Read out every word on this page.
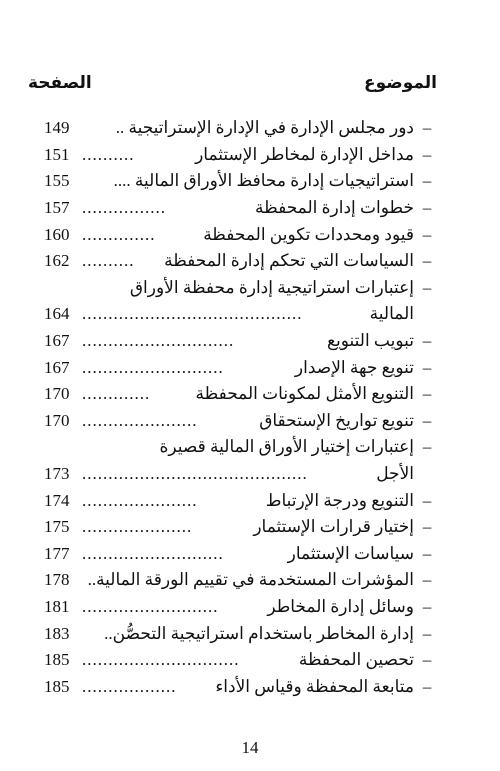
الصفحة	الموضوع
149	دور مجلس الإدارة في الإدارة الإستراتيجية .. –
151 ..........	مداخل الإدارة لمخاطر الإستثمار –
155	استراتيجيات إدارة محافظ الأوراق المالية .... –
157 ................	خطوات إدارة المحفظة –
160 ..............	قيود ومحددات تكوين المحفظة –
162 ..........	السياسات التي تحكم إدارة المحفظة –
إعتبارات استراتيجية إدارة محفظة الأوراق –
164 ..........................................	المالية
167 .............................	تبويب التنويع –
167 ...........................	تنويع جهة الإصدار –
170 .............	التنويع الأمثل لمكونات المحفظة –
170 ......................	تنويع تواريخ الإستحقاق –
إعتبارات إختيار الأوراق المالية قصيرة –
173 ...........................................	الأجل
174 ......................	التنويع ودرجة الإرتباط –
175 .....................	إختيار قرارات الإستثمار –
177 ...........................	سياسات الإستثمار –
178	المؤشرات المستخدمة في تقييم الورقة المالية.. –
181 ..........................	وسائل إدارة المخاطر –
183	إدارة المخاطر باستخدام استراتيجية التحصُّن.. –
185 ..............................	تحصين المحفظة –
185 ..................	متابعة المحفظة وقياس الأداء –
14
